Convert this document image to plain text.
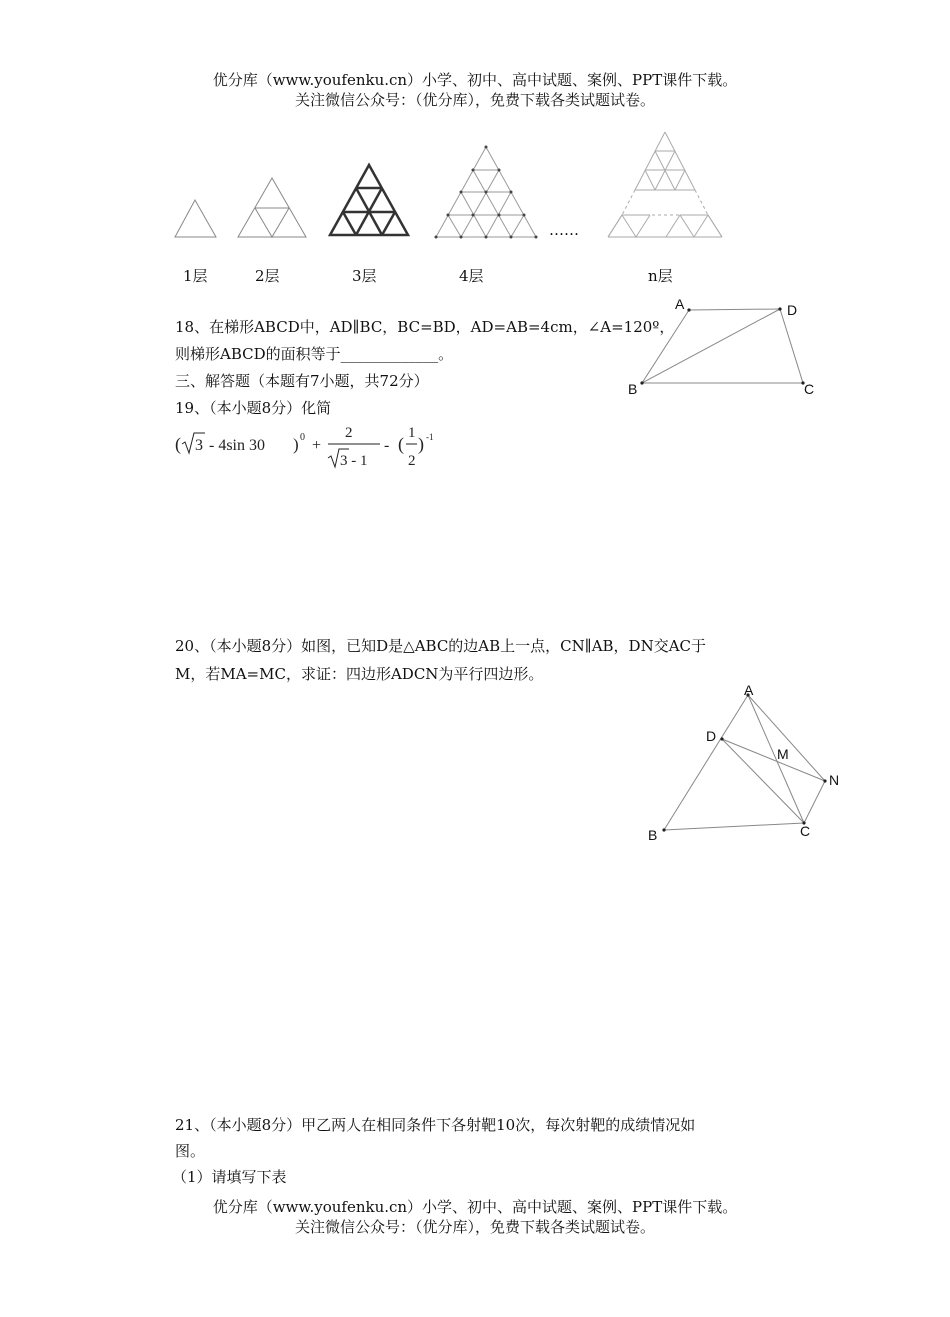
优分库（www.youfenku.cn）小学、初中、高中试题、案例、PPT课件下载。
关注微信公众号：（优分库），免费下载各类试题试卷。
……
1层	2层	3层	4层	n层
18、在梯形ABCD中，AD∥BC，BC=BD，AD=AB=4cm，∠A=120º，
则梯形ABCD的面积等于_____________。
A	D
B	C
三、解答题（本题有7小题，共72分）
19、（本小题8分）化简
( 3 - 4sin 30 ) 0 +
2
3 - 1
- (
1
2
) -1
20、（本小题8分）如图，已知D是△ABC的边AB上一点，CN∥AB，DN交AC于
M，若MA=MC，求证：四边形ADCN为平行四边形。
A
D
M
N
B	C
21、（本小题8分）甲乙两人在相同条件下各射靶10次，每次射靶的成绩情况如
图。
（1）请填写下表
优分库（www.youfenku.cn）小学、初中、高中试题、案例、PPT课件下载。
关注微信公众号：（优分库），免费下载各类试题试卷。
